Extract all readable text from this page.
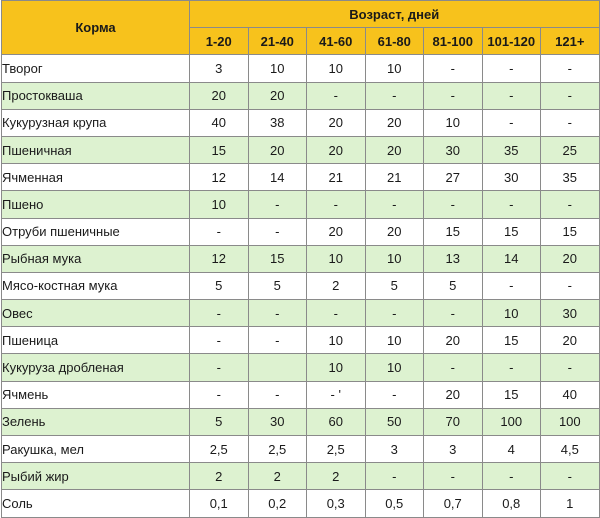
Корма	Возраст, дней						
	1-20	21-40	41-60	61-80	81-100	101-120	121+
Творог	3	10	10	10	-	-	-
Простокваша	20	20	-	-	-	-	-
Кукурузная крупа	40	38	20	20	10	-	-
Пшеничная	15	20	20	20	30	35	25
Ячменная	12	14	21	21	27	30	35
Пшено	10	-	-	-	-	-	-
Отруби пшеничные	-	-	20	20	15	15	15
Рыбная мука	12	15	10	10	13	14	20
Мясо-костная мука	5	5	2	5	5	-	-
Овес	-	-	-	-	-	10	30
Пшеница	-	-	10	10	20	15	20
Кукуруза дробленая	-		10	10	-	-	-
Ячмень	-	-	- '	-	20	15	40
Зелень	5	30	60	50	70	100	100
Ракушка, мел	2,5	2,5	2,5	3	3	4	4,5
Рыбий жир	2	2	2	-	-	-	-
Соль	0,1	0,2	0,3	0,5	0,7	0,8	1
